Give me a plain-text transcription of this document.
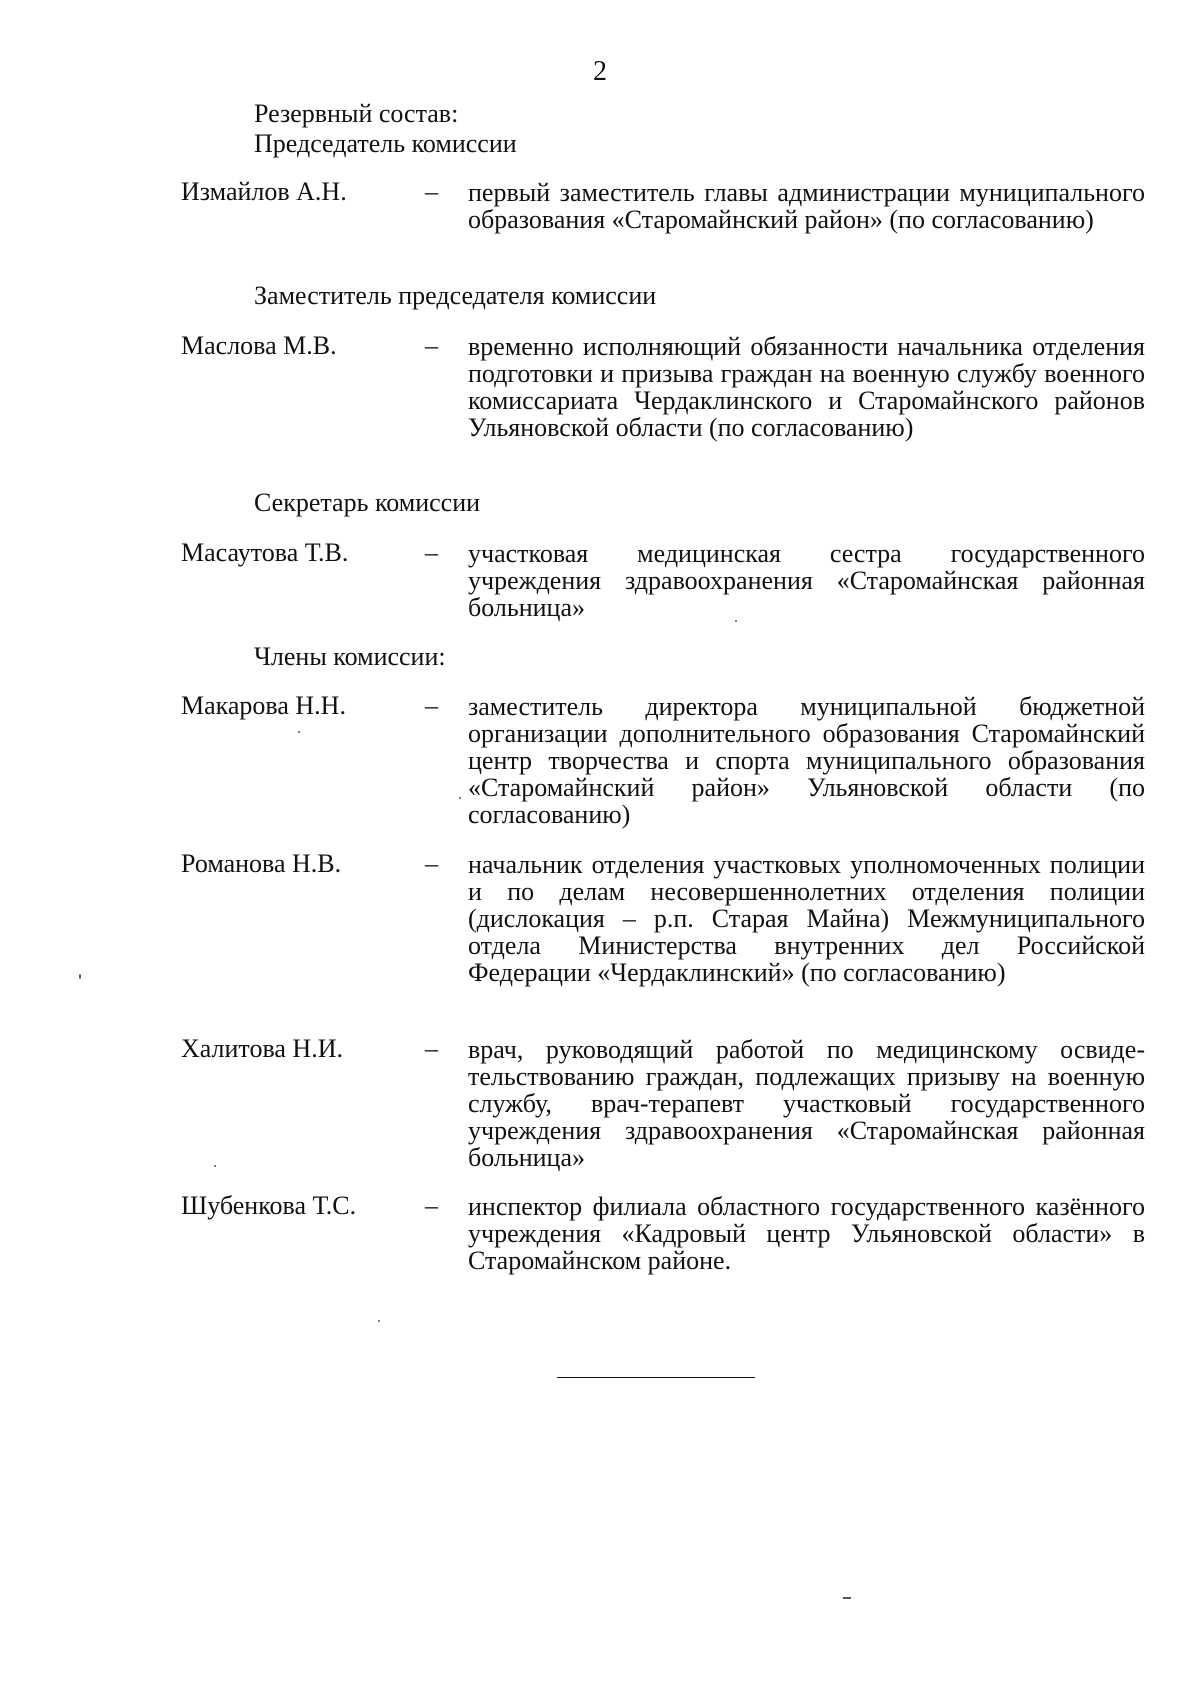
2
Резервный состав:
Председатель комиссии
Измайлов А.Н.	– первый заместитель главы администрации муниципального образования «Старомайнский район» (по согласованию)
Заместитель председателя комиссии
Маслова М.В.	– временно исполняющий обязанности начальника отделения подготовки и призыва граждан на военную службу военного комиссариата Чердаклинского и Старомайнского районов Ульяновской области (по согласованию)
Секретарь комиссии
Масаутова Т.В.	– участковая медицинская сестра государственного учреждения здравоохранения «Старомайнская районная больница»
Члены комиссии:
Макарова Н.Н.	– заместитель директора муниципальной бюджетной организации дополнительного образования Старомайнский центр творчества и спорта муниципального образования «Старомайнский район» Ульяновской области (по согласованию)
Романова Н.В.	– начальник отделения участковых уполномоченных полиции и по делам несовершеннолетних отделения полиции (дислокация – р.п. Старая Майна) Межмуниципального отдела Министерства внутренних дел Российской Федерации «Чердаклинский» (по согласованию)
Халитова Н.И.	– врач, руководящий работой по медицинскому освидетельствованию граждан, подлежащих призыву на военную службу, врач-терапевт участковый государственного учреждения здравоохранения «Старомайнская районная больница»
Шубенкова Т.С.	– инспектор филиала областного государственного казённого учреждения «Кадровый центр Ульяновской области» в Старомайнском районе.
